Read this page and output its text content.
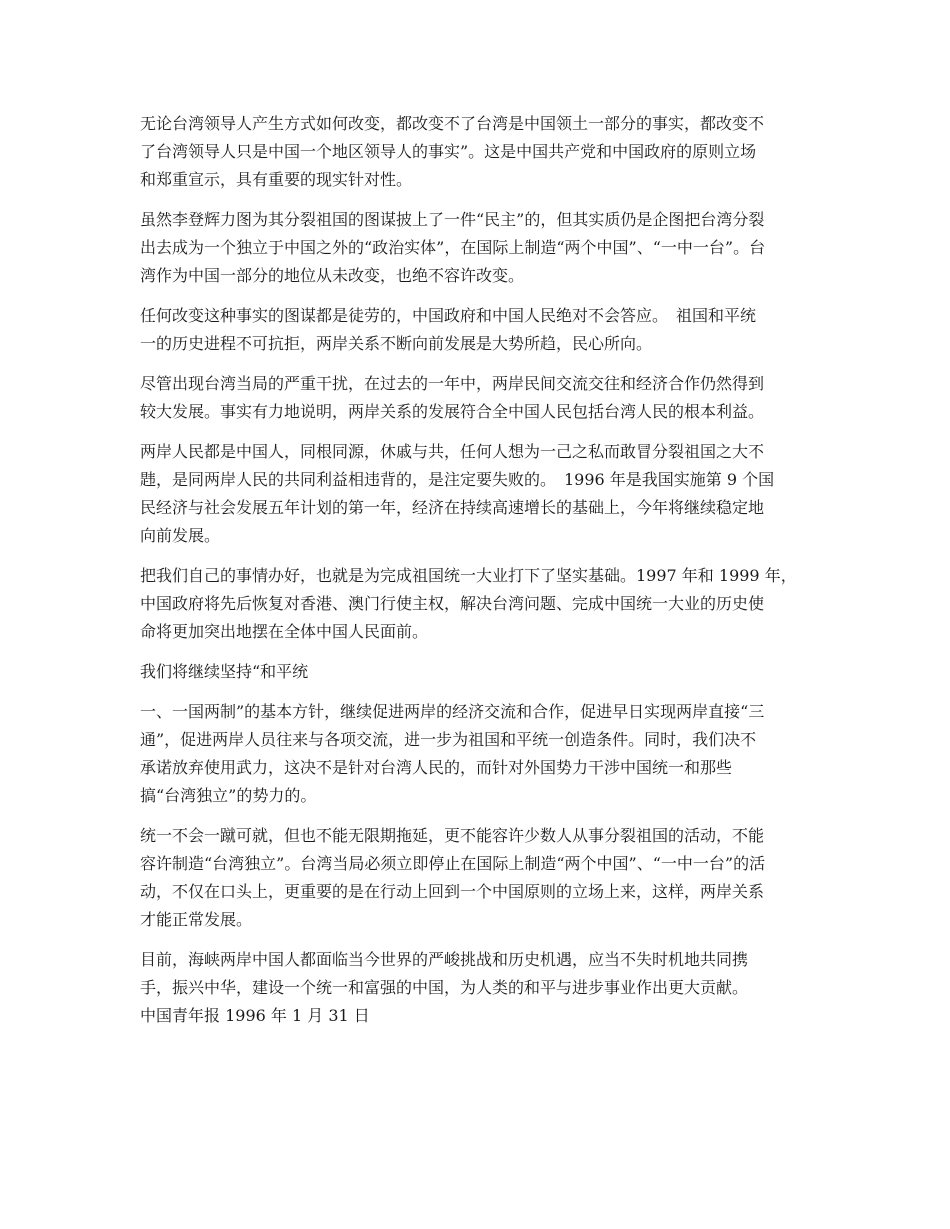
无论台湾领导人产生方式如何改变，都改变不了台湾是中国领土一部分的事实，都改变不
了台湾领导人只是中国一个地区领导人的事实”。这是中国共产党和中国政府的原则立场
和郑重宣示，具有重要的现实针对性。

虽然李登辉力图为其分裂祖国的图谋披上了一件“民主”的，但其实质仍是企图把台湾分裂
出去成为一个独立于中国之外的“政治实体”，在国际上制造“两个中国”、“一中一台”。台
湾作为中国一部分的地位从未改变，也绝不容许改变。

任何改变这种事实的图谋都是徒劳的，中国政府和中国人民绝对不会答应。　祖国和平统
一的历史进程不可抗拒，两岸关系不断向前发展是大势所趋，民心所向。

尽管出现台湾当局的严重干扰，在过去的一年中，两岸民间交流交往和经济合作仍然得到
较大发展。事实有力地说明，两岸关系的发展符合全中国人民包括台湾人民的根本利益。

两岸人民都是中国人，同根同源，休戚与共，任何人想为一己之私而敢冒分裂祖国之大不
韪，是同两岸人民的共同利益相违背的，是注定要失败的。　1996 年是我国实施第 9 个国
民经济与社会发展五年计划的第一年，经济在持续高速增长的基础上，今年将继续稳定地
向前发展。

把我们自己的事情办好，也就是为完成祖国统一大业打下了坚实基础。1997 年和 1999 年，
中国政府将先后恢复对香港、澳门行使主权，解决台湾问题、完成中国统一大业的历史使
命将更加突出地摆在全体中国人民面前。

我们将继续坚持“和平统

一、一国两制”的基本方针，继续促进两岸的经济交流和合作，促进早日实现两岸直接“三
通”，促进两岸人员往来与各项交流，进一步为祖国和平统一创造条件。同时，我们决不
承诺放弃使用武力，这决不是针对台湾人民的，而针对外国势力干涉中国统一和那些
搞“台湾独立”的势力的。

统一不会一蹴可就，但也不能无限期拖延，更不能容许少数人从事分裂祖国的活动，不能
容许制造“台湾独立”。台湾当局必须立即停止在国际上制造“两个中国”、“一中一台”的活
动，不仅在口头上，更重要的是在行动上回到一个中国原则的立场上来，这样，两岸关系
才能正常发展。

目前，海峡两岸中国人都面临当今世界的严峻挑战和历史机遇，应当不失时机地共同携
手，振兴中华，建设一个统一和富强的中国，为人类的和平与进步事业作出更大贡献。
中国青年报 1996 年 1 月 31 日
